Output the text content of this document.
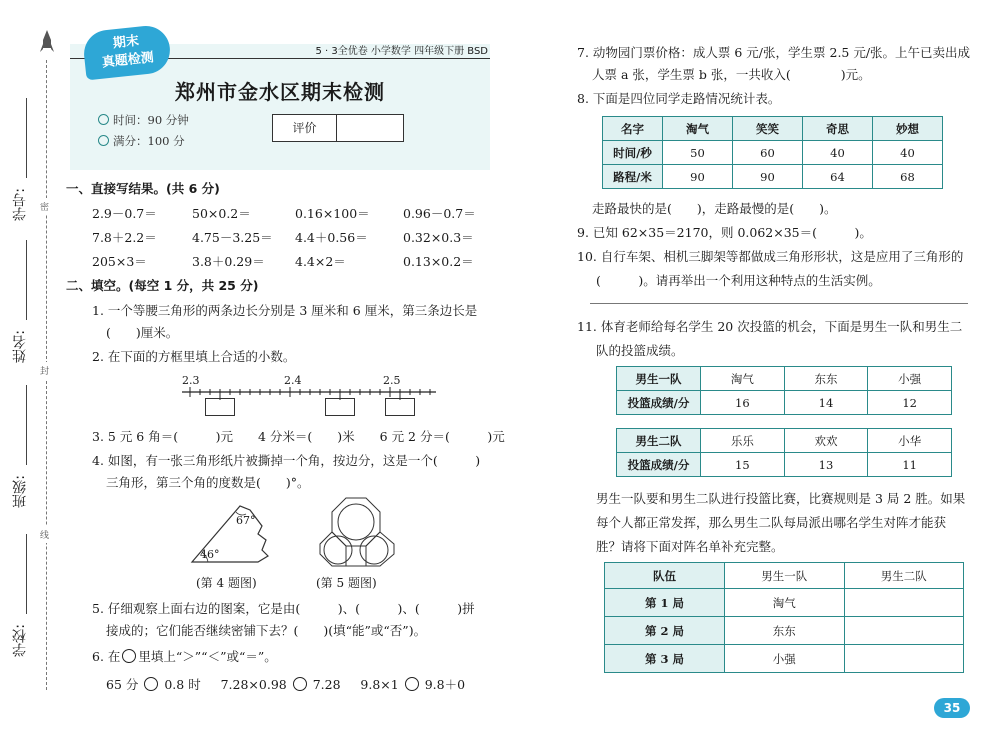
学号:
姓名:
班级:
学校:
密
封
线
期末
真题检测	5 · 3全优卷 小学数学 四年级下册 BSD
郑州市金水区期末检测
时间：90 分钟
满分：100 分
评价
一、直接写结果。(共 6 分)
2.9－0.7＝	50×0.2＝	0.16×100＝	0.96－0.7＝
7.8＋2.2＝	4.75－3.25＝ 4.4＋0.56＝	0.32×0.3＝
205×3＝	3.8＋0.29＝ 4.4×2＝	0.13×0.2＝
二、填空。(每空 1 分，共 25 分)
1. 一个等腰三角形的两条边长分别是 3 厘米和 6 厘米，第三条边长是
(　　)厘米。
2. 在下面的方框里填上合适的小数。
2.3	2.4	2.5
3. 5 元 6 角＝(　　　)元　　4 分米＝(　　)米　　6 元 2 分＝(　　　)元
4. 如图，有一张三角形纸片被撕掉一个角，按边分，这是一个(　　　)
三角形，第三个角的度数是(　　)°。
67°
46°
(第 4 题图)	(第 5 题图)
5. 仔细观察上面右边的图案，它是由(　　　)、(　　　)、(　　　)拼
接成的；它们能否继续密铺下去？(　　)(填“能”或“否”)。
6. 在 里填上“＞”“＜”或“＝”。
65 分 0.8 时 7.28×0.98 7.28 9.8×1 9.8＋0
7. 动物园门票价格：成人票 6 元/张，学生票 2.5 元/张。上午已卖出成
人票 a 张，学生票 b 张，一共收入(　　　　)元。
8. 下面是四位同学走路情况统计表。
名字	淘气	笑笑	奇思	妙想
时间/秒	50	60	40	40
路程/米	90	90	64	68
走路最快的是(　　)，走路最慢的是(　　)。
9. 已知 62×35＝2170，则 0.062×35＝(　　　)。
10. 自行车架、相机三脚架等都做成三角形形状，这是应用了三角形的
(　　　)。请再举出一个利用这种特点的生活实例。
11. 体育老师给每名学生 20 次投篮的机会，下面是男生一队和男生二
队的投篮成绩。
男生一队	淘气	东东	小强
投篮成绩/分	16	14	12
男生二队	乐乐	欢欢	小华
投篮成绩/分	15	13	11
男生一队要和男生二队进行投篮比赛，比赛规则是 3 局 2 胜。如果
每个人都正常发挥，那么男生二队每局派出哪名学生对阵才能获
胜？请将下面对阵名单补充完整。
队伍	男生一队	男生二队
第 1 局	淘气	
第 2 局	东东	
第 3 局	小强	
35
